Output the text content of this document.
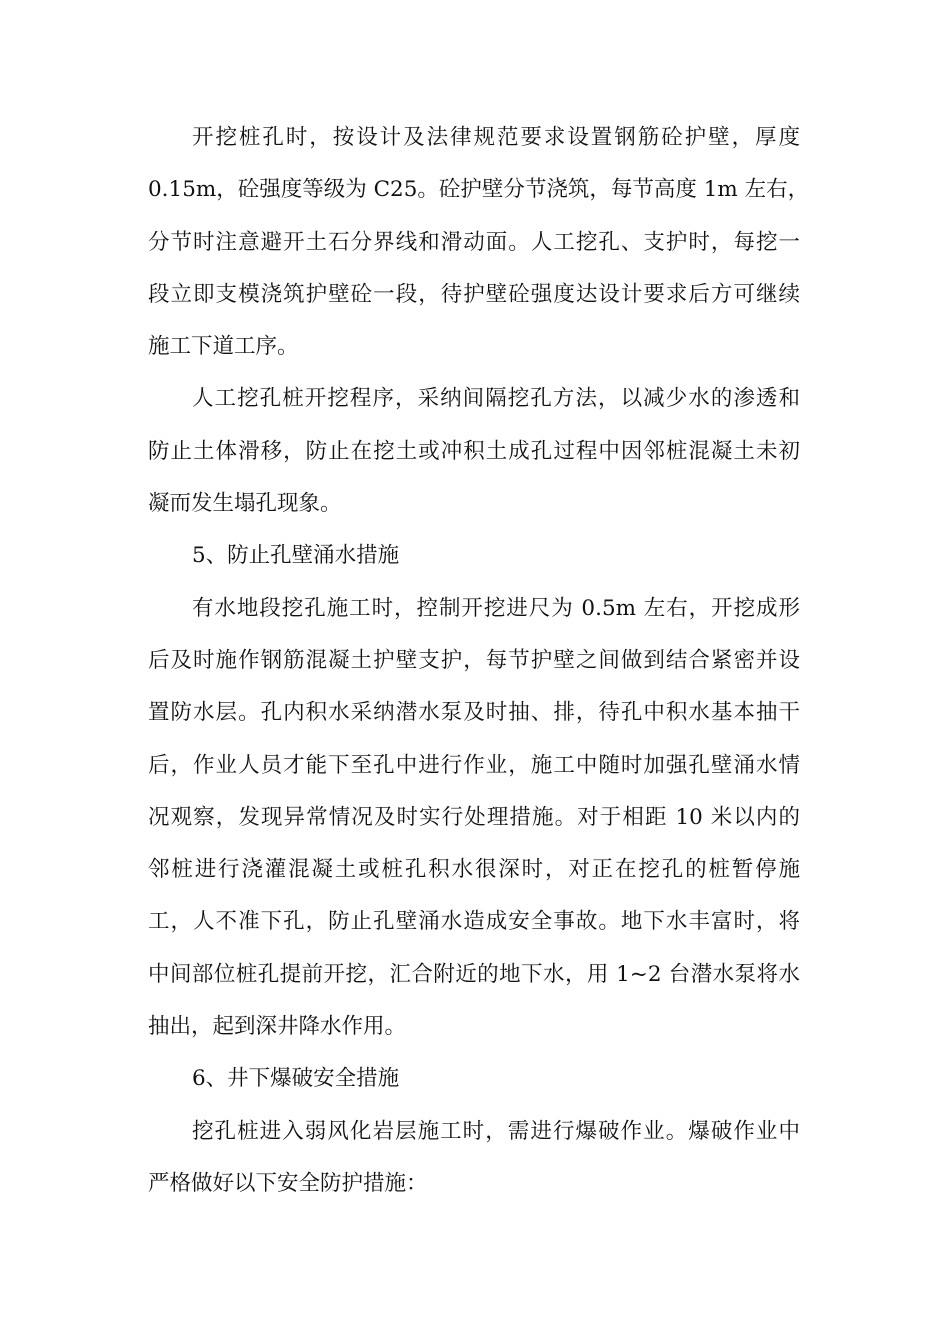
开挖桩孔时，按设计及法律规范要求设置钢筋砼护壁，厚度
0.15m，砼强度等级为 C25。砼护壁分节浇筑，每节高度 1m 左右，
分节时注意避开土石分界线和滑动面。人工挖孔、支护时，每挖一
段立即支模浇筑护壁砼一段，待护壁砼强度达设计要求后方可继续
施工下道工序。
人工挖孔桩开挖程序，采纳间隔挖孔方法，以减少水的渗透和
防止土体滑移，防止在挖土或冲积土成孔过程中因邻桩混凝土未初
凝而发生塌孔现象。
5、防止孔壁涌水措施
有水地段挖孔施工时，控制开挖进尺为 0.5m 左右，开挖成形
后及时施作钢筋混凝土护壁支护，每节护壁之间做到结合紧密并设
置防水层。孔内积水采纳潜水泵及时抽、排，待孔中积水基本抽干
后，作业人员才能下至孔中进行作业，施工中随时加强孔壁涌水情
况观察，发现异常情况及时实行处理措施。对于相距 10 米以内的
邻桩进行浇灌混凝土或桩孔积水很深时，对正在挖孔的桩暂停施
工，人不准下孔，防止孔壁涌水造成安全事故。地下水丰富时，将
中间部位桩孔提前开挖，汇合附近的地下水，用 1~2 台潜水泵将水
抽出，起到深井降水作用。
6、井下爆破安全措施
挖孔桩进入弱风化岩层施工时，需进行爆破作业。爆破作业中
严格做好以下安全防护措施：
